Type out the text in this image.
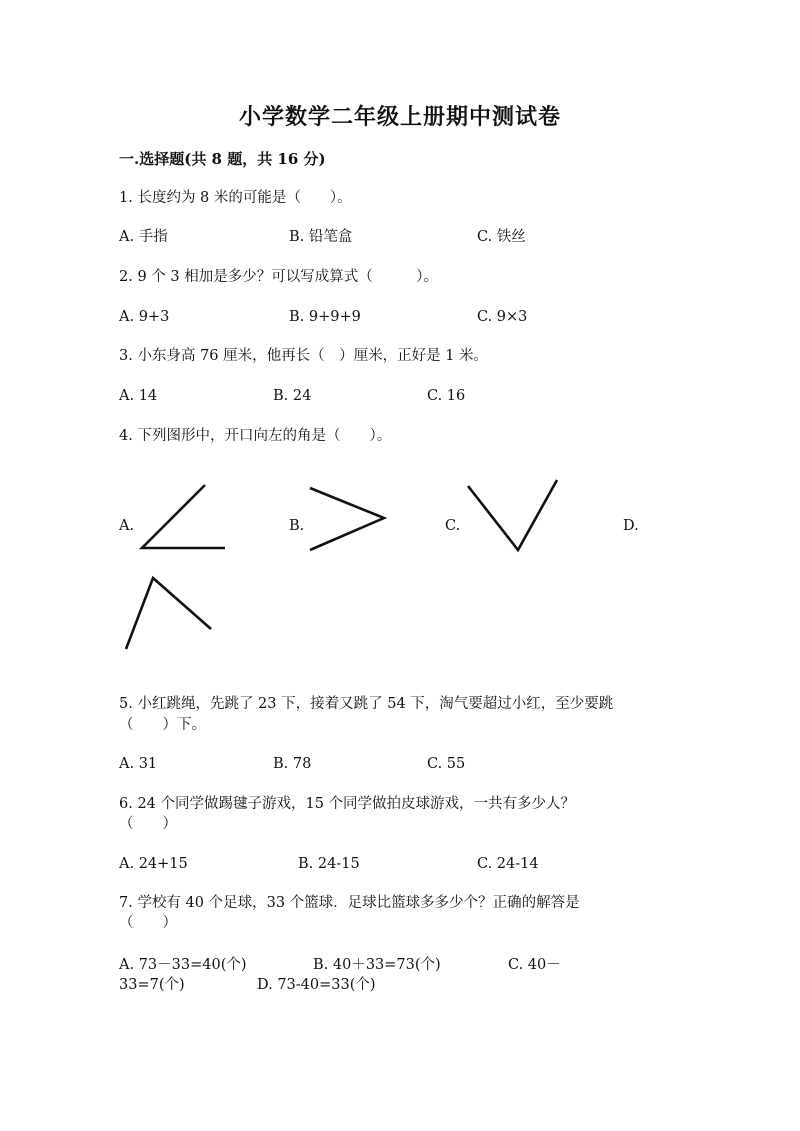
小学数学二年级上册期中测试卷
一.选择题(共 8 题，共 16 分)
1. 长度约为 8 米的可能是（　　）。
A. 手指	B. 铅笔盒	C. 铁丝
2. 9 个 3 相加是多少？可以写成算式（　　　）。
A. 9+3	B. 9+9+9	C. 9×3
3. 小东身高 76 厘米，他再长（　）厘米，正好是 1 米。
A. 14	B. 24	C. 16
4. 下列图形中，开口向左的角是（　　）。
A.	B.	C.	D.
5. 小红跳绳，先跳了 23 下，接着又跳了 54 下，淘气要超过小红，至少要跳
（　　）下。
A. 31	B. 78	C. 55
6. 24 个同学做踢毽子游戏，15 个同学做拍皮球游戏，一共有多少人？
（　　）
A. 24+15	B. 24-15	C. 24-14
7. 学校有 40 个足球，33 个篮球．足球比篮球多多少个？正确的解答是
（　　）
A. 73－33=40(个)	B. 40＋33=73(个)	C. 40－
33=7(个)	D. 73-40=33(个)
